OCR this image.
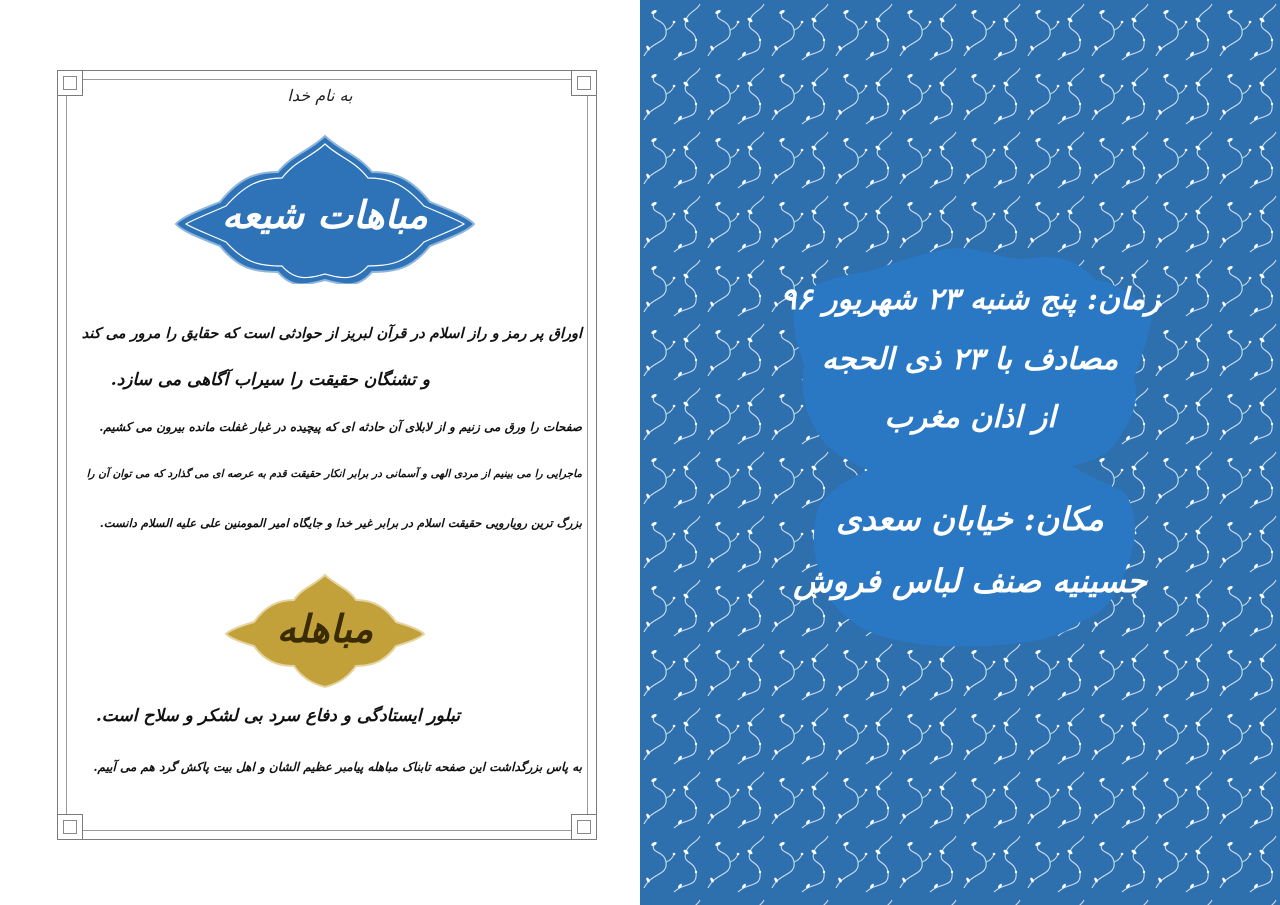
به نام خدا
مباهات شیعه
اوراق پر رمز و راز اسلام در قرآن لبریز از حوادثی است که حقایق را مرور می کند
و تشنگان حقیقت را سیراب آگاهی می سازد.
صفحات را ورق می زنیم و از لابلای آن حادثه ای که پیچیده در غبار غفلت مانده بیرون می کشیم.
ماجرایی را می بینیم از مردی الهی و آسمانی در برابر انکار حقیقت قدم به عرصه ای می گذارد که می توان آن را
بزرگ ترین رویارویی حقیقت اسلام در برابر غیر خدا و جایگاه امیر المومنین علی علیه السلام دانست.
مباهله
تبلور ایستادگی و دفاع سرد بی لشکر و سلاح است.
به پاس بزرگداشت این صفحه تابناک مباهله پیامبر عظیم الشان و اهل بیت پاکش گرد هم می آییم.
زمان: پنج شنبه ۲۳ شهریور ۹۶
مصادف با ۲۳ ذی الحجه
از اذان مغرب
مکان: خیابان سعدی
حسینیه صنف لباس فروش
